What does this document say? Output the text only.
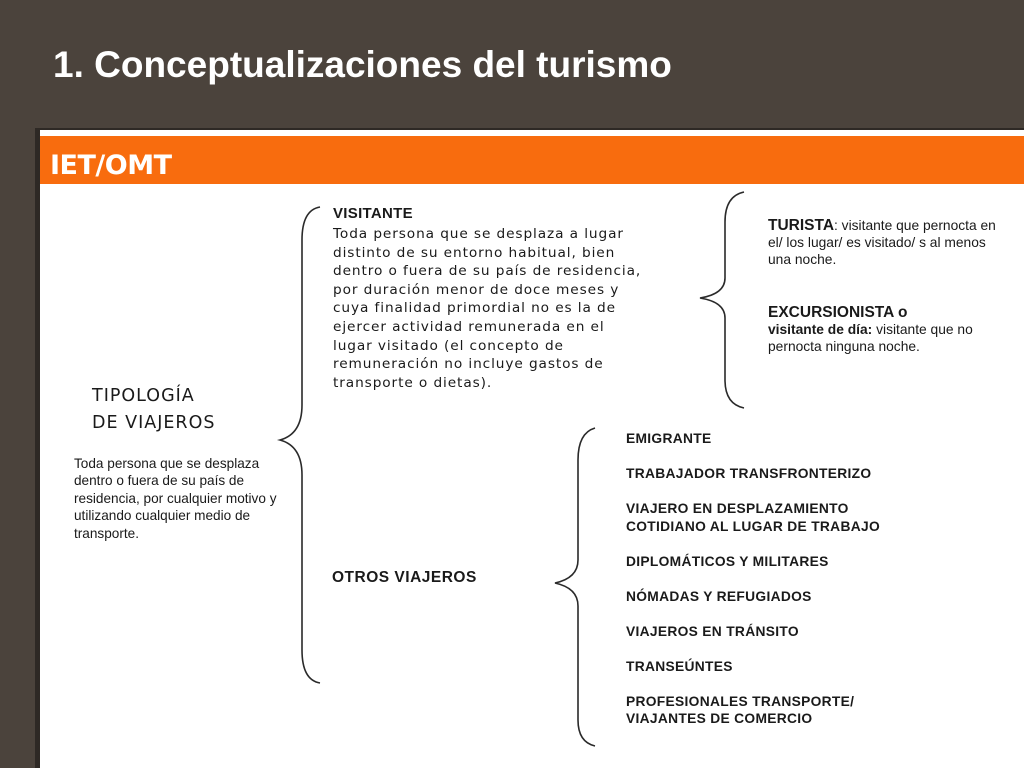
1. Conceptualizaciones del turismo
IET/OMT
TIPOLOGÍA
DE VIAJEROS
Toda persona que se desplaza dentro o fuera de su país de residencia, por cualquier motivo y utilizando cualquier medio de transporte.
VISITANTE
Toda persona que se desplaza a lugar
distinto de su entorno habitual, bien
dentro o fuera de su país de residencia,
por duración menor de doce meses y
cuya finalidad primordial no es la de
ejercer actividad remunerada en el
lugar visitado (el concepto de
remuneración no incluye gastos de
transporte o dietas).
TURISTA: visitante que pernocta en el/ los lugar/ es visitado/ s al menos una noche.
EXCURSIONISTA o
visitante de día: visitante que no pernocta ninguna noche.
OTROS VIAJEROS
EMIGRANTE
TRABAJADOR TRANSFRONTERIZO
VIAJERO EN DESPLAZAMIENTO
COTIDIANO AL LUGAR DE TRABAJO
DIPLOMÁTICOS Y MILITARES
NÓMADAS Y REFUGIADOS
VIAJEROS EN TRÁNSITO
TRANSEÚNTES
PROFESIONALES TRANSPORTE/
VIAJANTES DE COMERCIO
